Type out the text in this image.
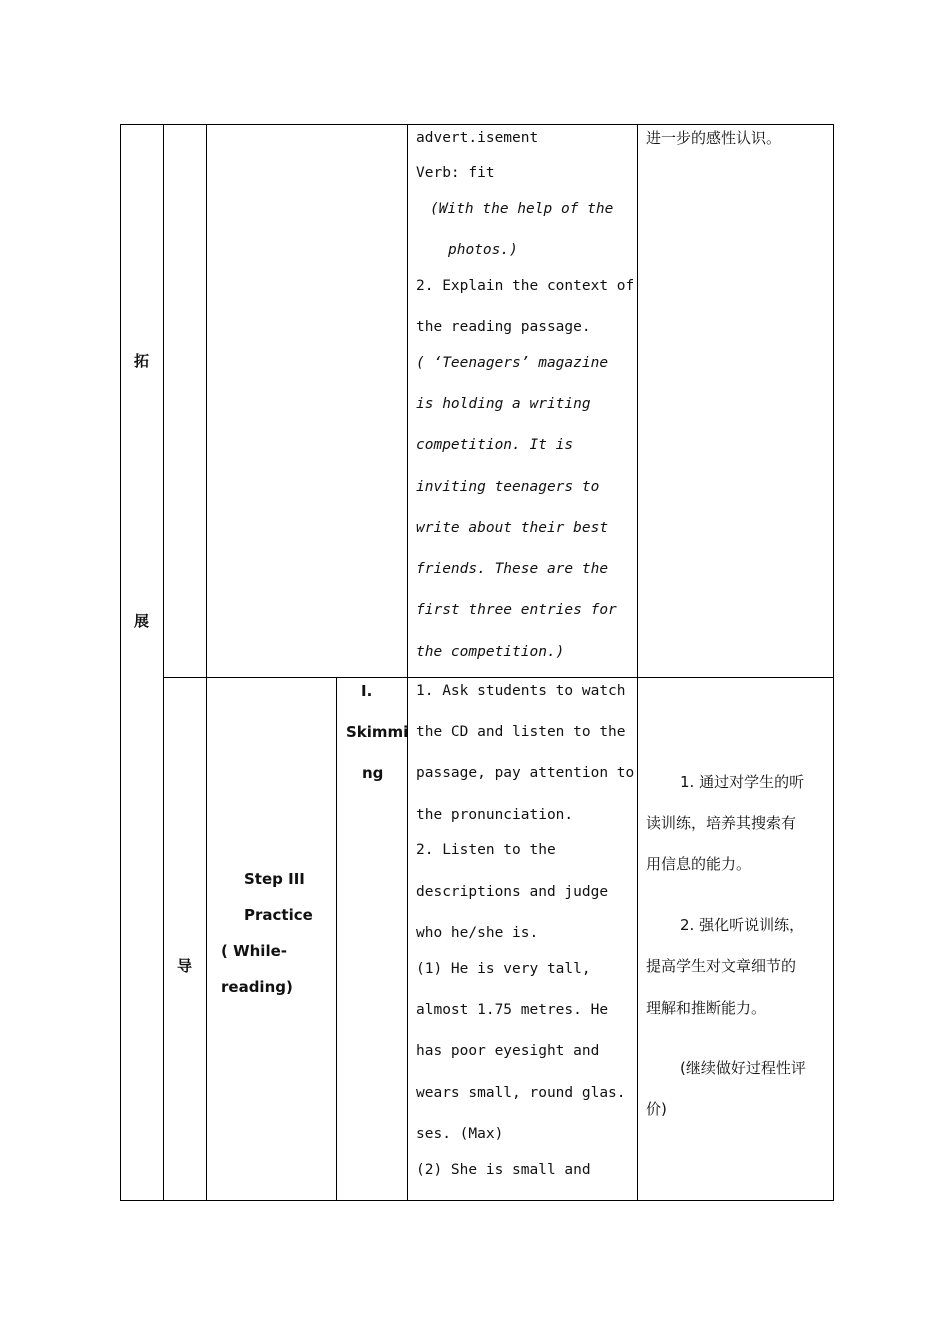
拓
展
导
Step III
Practice
( While-
reading)
Ⅰ.
Skimmi
ng
advert.isement
Verb: fit
(With the help of the
photos.)
2. Explain the context of
the reading passage.
( ‘Teenagers’ magazine
is holding a writing
competition. It is
inviting teenagers to
write about their best
friends. These are the
first three entries for
the competition.)
进一步的感性认识。
1. Ask students to watch
the CD and listen to the
passage, pay attention to
the pronunciation.
2. Listen to the
descriptions and judge
who he/she is.
(1) He is very tall,
almost 1.75 metres. He
has poor eyesight and
wears small, round glas.
ses. (Max)
(2) She is small and
1. 通过对学生的听
读训练，培养其搜索有
用信息的能力。
2. 强化听说训练，
提高学生对文章细节的
理解和推断能力。
(继续做好过程性评
价)
